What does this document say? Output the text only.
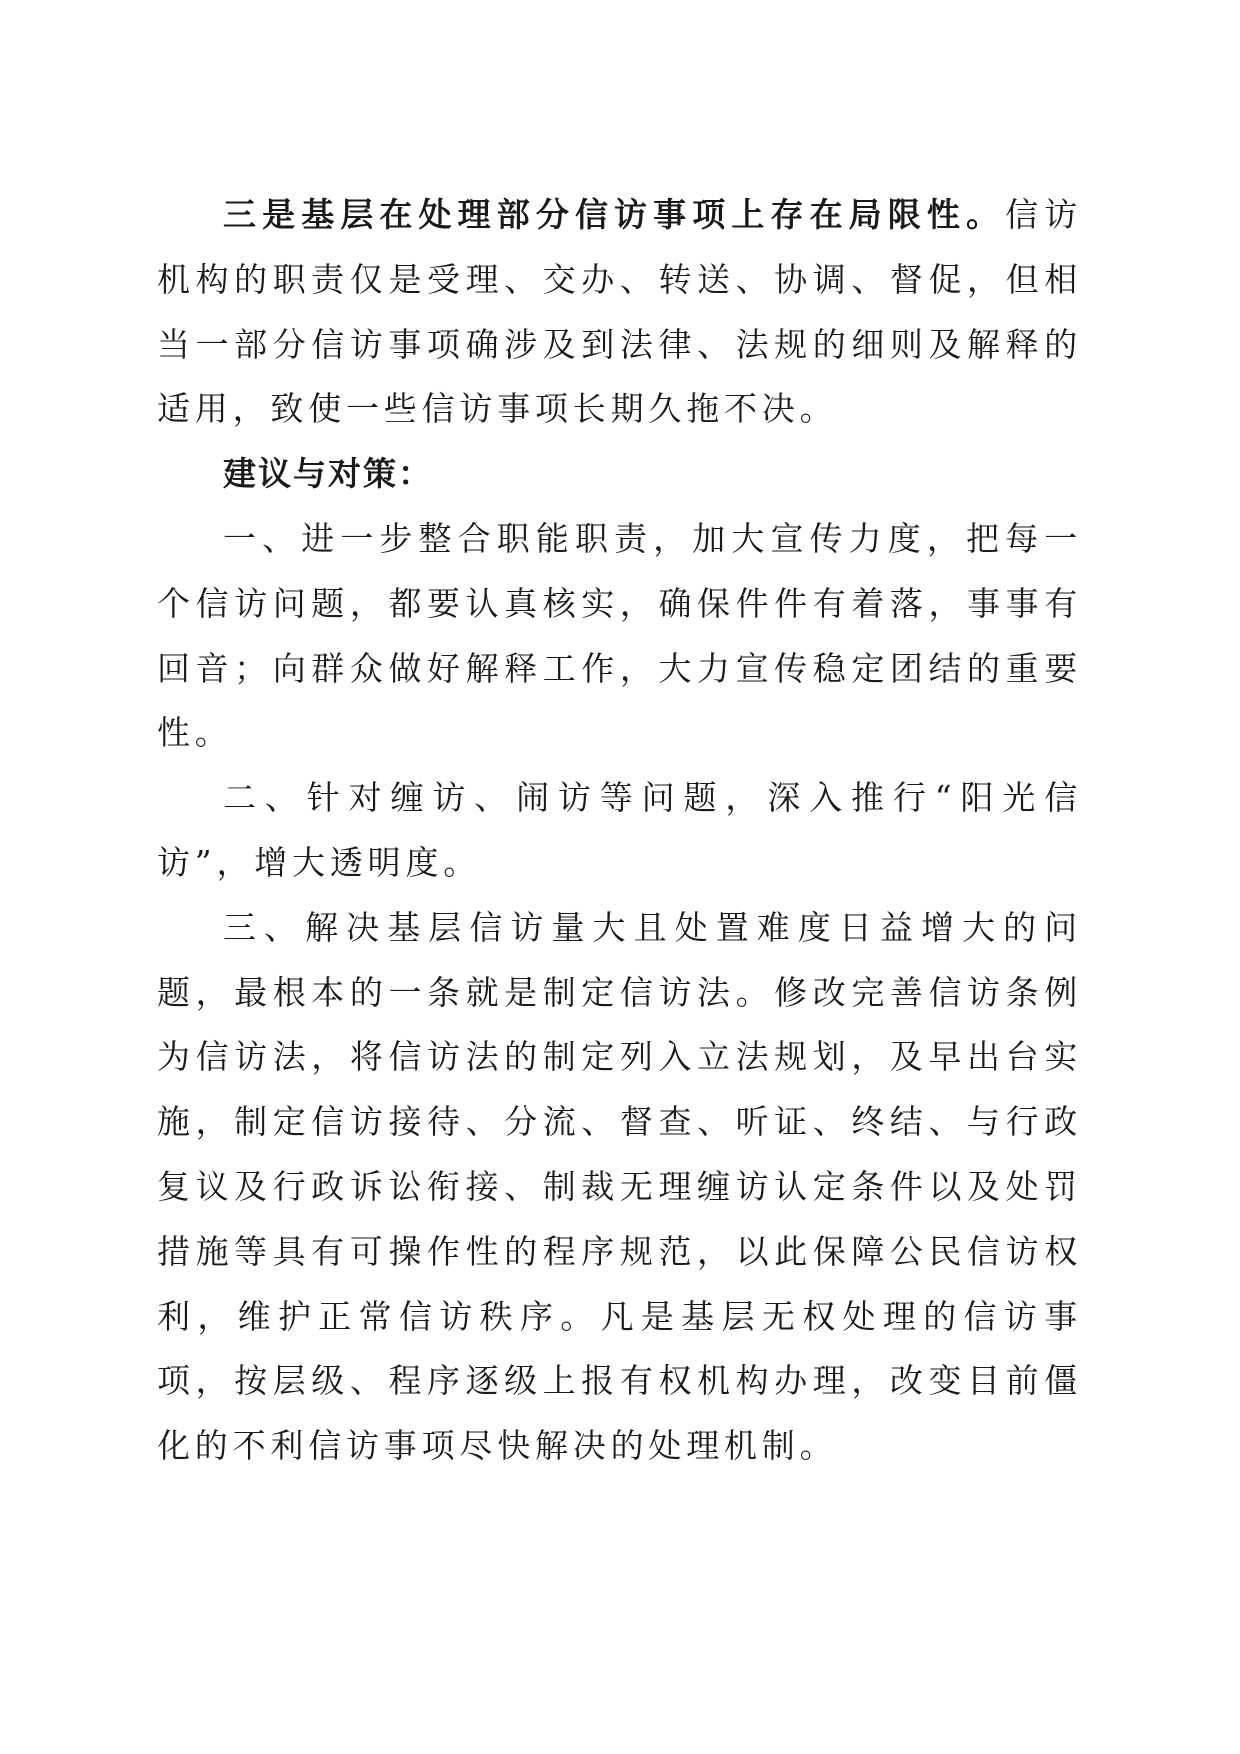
三是基层在处理部分信访事项上存在局限性。信访机构的职责仅是受理、交办、转送、协调、督促，但相当一部分信访事项确涉及到法律、法规的细则及解释的适用，致使一些信访事项长期久拖不决。

建议与对策：

一、进一步整合职能职责，加大宣传力度，把每一个信访问题，都要认真核实，确保件件有着落，事事有回音；向群众做好解释工作，大力宣传稳定团结的重要性。

二、针对缠访、闹访等问题，深入推行“阳光信访”，增大透明度。

三、解决基层信访量大且处置难度日益增大的问题，最根本的一条就是制定信访法。修改完善信访条例为信访法，将信访法的制定列入立法规划，及早出台实施，制定信访接待、分流、督查、听证、终结、与行政复议及行政诉讼衔接、制裁无理缠访认定条件以及处罚措施等具有可操作性的程序规范，以此保障公民信访权利，维护正常信访秩序。凡是基层无权处理的信访事项，按层级、程序逐级上报有权机构办理，改变目前僵化的不利信访事项尽快解决的处理机制。
